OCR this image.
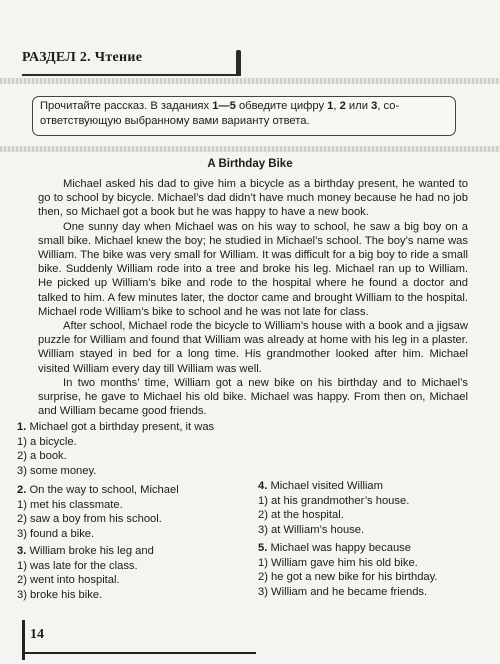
РАЗДЕЛ 2. Чтение

Прочитайте рассказ. В заданиях 1—5 обведите цифру 1, 2 или 3, со-ответствующую выбранному вами варианту ответа.

A Birthday Bike

Michael asked his dad to give him a bicycle as a birthday present, he wanted to go to school by bicycle. Michael’s dad didn’t have much money because he had no job then, so Michael got a book but he was happy to have a new book.

One sunny day when Michael was on his way to school, he saw a big boy on a small bike. Michael knew the boy; he studied in Michael’s school. The boy’s name was William. The bike was very small for William. It was difficult for a big boy to ride a small bike. Suddenly William rode into a tree and broke his leg. Michael ran up to William. He picked up William’s bike and rode to the hospital where he found a doctor and talked to him. A few minutes later, the doctor came and brought William to the hospital. Michael rode William’s bike to school and he was not late for class.

After school, Michael rode the bicycle to William’s house with a book and a jigsaw puzzle for William and found that William was already at home with his leg in a plaster. William stayed in bed for a long time. His grandmother looked after him. Michael visited William every day till William was well.

In two months’ time, William got a new bike on his birthday and to Michael’s surprise, he gave to Michael his old bike. Michael was happy. From then on, Michael and William became good friends.

1. Michael got a birthday present, it was

1) a bicycle.

2) a book.

3) some money.

2. On the way to school, Michael

1) met his classmate.

2) saw a boy from his school.

3) found a bike.

3. William broke his leg and

1) was late for the class.

2) went into hospital.

3) broke his bike.

4. Michael visited William

1) at his grandmother’s house.

2) at the hospital.

3) at William’s house.

5. Michael was happy because

1) William gave him his old bike.

2) he got a new bike for his birthday.

3) William and he became friends.

14
